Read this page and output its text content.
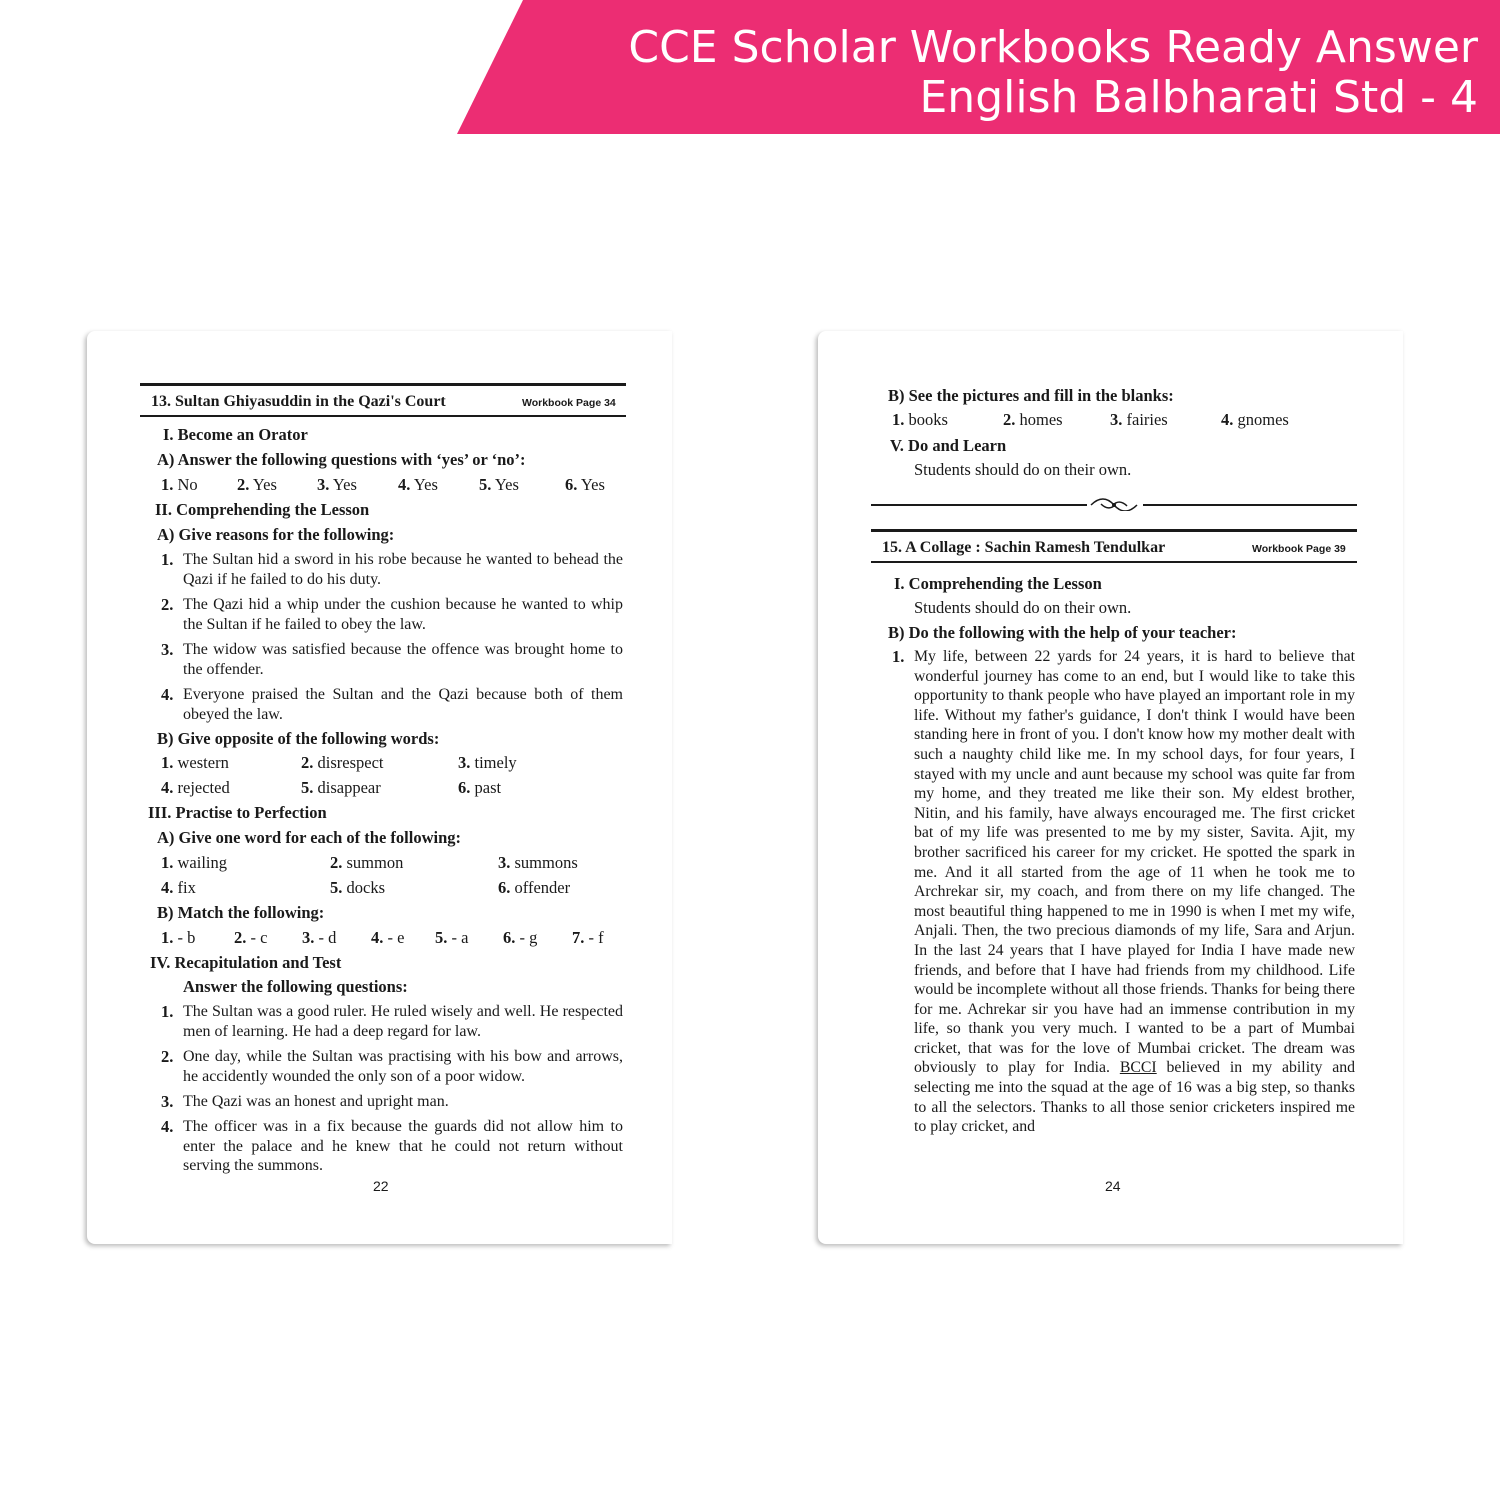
CCE Scholar Workbooks Ready Answer
English Balbharati Std - 4
13. Sultan Ghiyasuddin in the Qazi's Court	Workbook Page 34
I. Become an Orator
A) Answer the following questions with ‘yes’ or ‘no’:
1. No 2. Yes 3. Yes 4. Yes 5. Yes	6. Yes
II. Comprehending the Lesson
A) Give reasons for the following:
1. The Sultan hid a sword in his robe because he wanted to behead the Qazi if he failed to do his duty.
2. The Qazi hid a whip under the cushion because he wanted to whip the Sultan if he failed to obey the law.
3. The widow was satisfied because the offence was brought home to the offender.
4. Everyone praised the Sultan and the Qazi because both of them obeyed the law.
B) Give opposite of the following words:
1. western	2. disrespect	3. timely
4. rejected	5. disappear	6. past
III. Practise to Perfection
A) Give one word for each of the following:
1. wailing	2. summon	3. summons
4. fix	5. docks	6. offender
B) Match the following:
1. - b 2. - c 3. - d 4. - e 5. - a 6. - g 7. - f
IV. Recapitulation and Test
Answer the following questions:
1. The Sultan was a good ruler. He ruled wisely and well. He respected men of learning. He had a deep regard for law.
2. One day, while the Sultan was practising with his bow and arrows, he accidently wounded the only son of a poor widow.
3. The Qazi was an honest and upright man.
4. The officer was in a fix because the guards did not allow him to enter the palace and he knew that he could not return without serving the summons.
22
B) See the pictures and fill in the blanks:
1. books	2. homes	3. fairies	4. gnomes
V. Do and Learn
Students should do on their own.
15. A Collage : Sachin Ramesh Tendulkar	Workbook Page 39
I. Comprehending the Lesson
Students should do on their own.
B) Do the following with the help of your teacher:
1. My life, between 22 yards for 24 years, it is hard to believe that wonderful journey has come to an end, but I would like to take this opportunity to thank people who have played an important role in my life. Without my father's guidance, I don't think I would have been standing here in front of you. I don't know how my mother dealt with such a naughty child like me. In my school days, for four years, I stayed with my uncle and aunt because my school was quite far from my home, and they treated me like their son. My eldest brother, Nitin, and his family, have always encouraged me. The first cricket bat of my life was presented to me by my sister, Savita. Ajit, my brother sacrificed his career for my cricket. He spotted the spark in me. And it all started from the age of 11 when he took me to Archrekar sir, my coach, and from there on my life changed. The most beautiful thing happened to me in 1990 is when I met my wife, Anjali. Then, the two precious diamonds of my life, Sara and Arjun. In the last 24 years that I have played for India I have made new friends, and before that I have had friends from my childhood. Life would be incomplete without all those friends. Thanks for being there for me. Achrekar sir you have had an immense contribution in my life, so thank you very much. I wanted to be a part of Mumbai cricket, that was for the love of Mumbai cricket. The dream was obviously to play for India. BCCI believed in my ability and selecting me into the squad at the age of 16 was a big step, so thanks to all the selectors. Thanks to all those senior cricketers inspired me to play cricket, and
24
